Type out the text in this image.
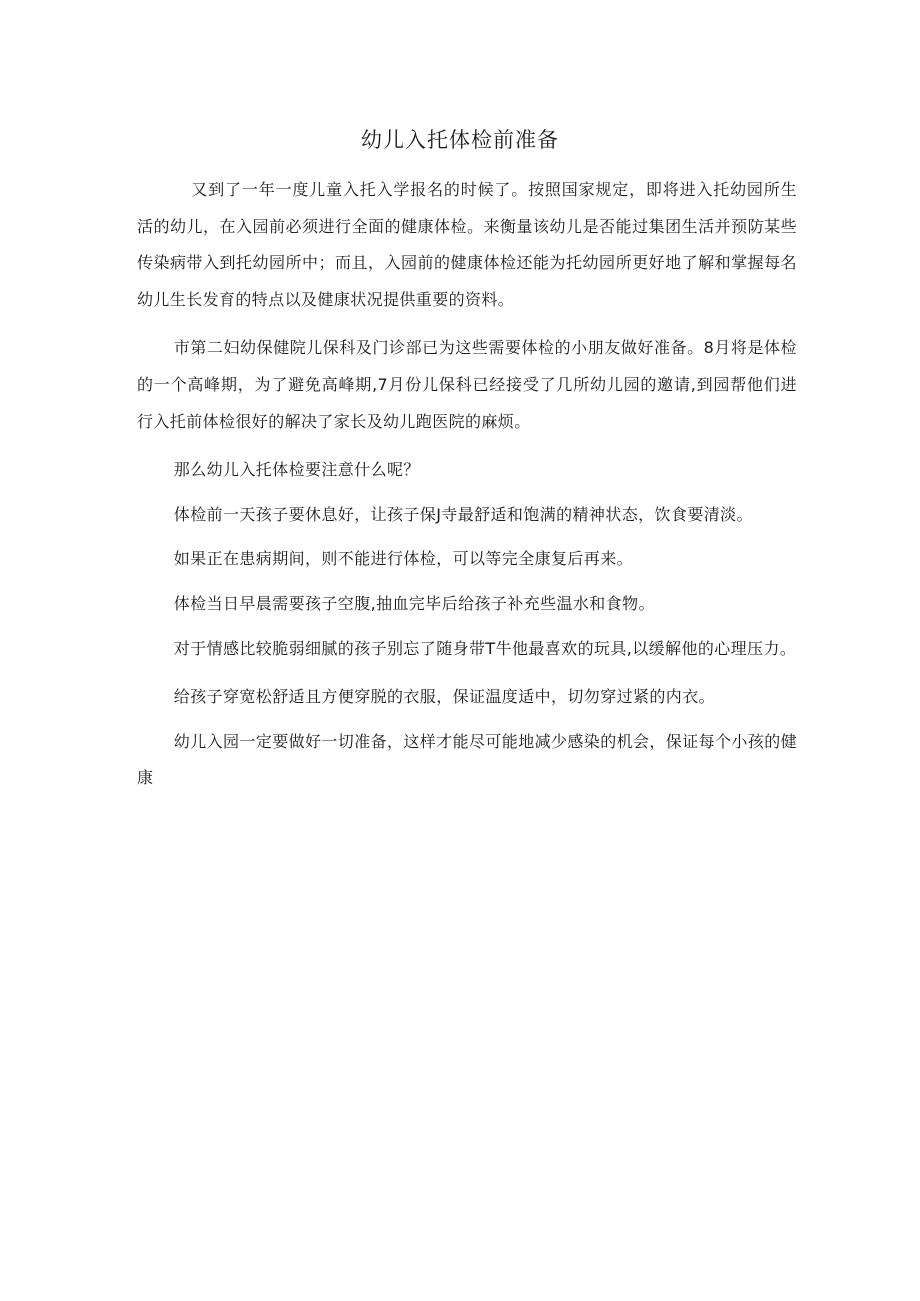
幼儿入托体检前准备

又到了一年一度儿童入托入学报名的时候了。按照国家规定，即将进入托幼园所生活的幼儿，在入园前必须进行全面的健康体检。来衡量该幼儿是否能过集团生活并预防某些传染病带入到托幼园所中；而且，入园前的健康体检还能为托幼园所更好地了解和掌握每名幼儿生长发育的特点以及健康状况提供重要的资料。

市第二妇幼保健院儿保科及门诊部已为这些需要体检的小朋友做好准备。8月将是体检的一个高峰期，为了避免高峰期,7月份儿保科已经接受了几所幼儿园的邀请,到园帮他们进行入托前体检很好的解决了家长及幼儿跑医院的麻烦。

那么幼儿入托体检要注意什么呢？

体检前一天孩子要休息好，让孩子保J寺最舒适和饱满的精神状态，饮食要清淡。

如果正在患病期间，则不能进行体检，可以等完全康复后再来。

体检当日早晨需要孩子空腹,抽血完毕后给孩子补充些温水和食物。

对于情感比较脆弱细腻的孩子别忘了随身带T牛他最喜欢的玩具,以缓解他的心理压力。

给孩子穿宽松舒适且方便穿脱的衣服，保证温度适中，切勿穿过紧的内衣。

幼儿入园一定要做好一切准备，这样才能尽可能地减少感染的机会，保证每个小孩的健康
